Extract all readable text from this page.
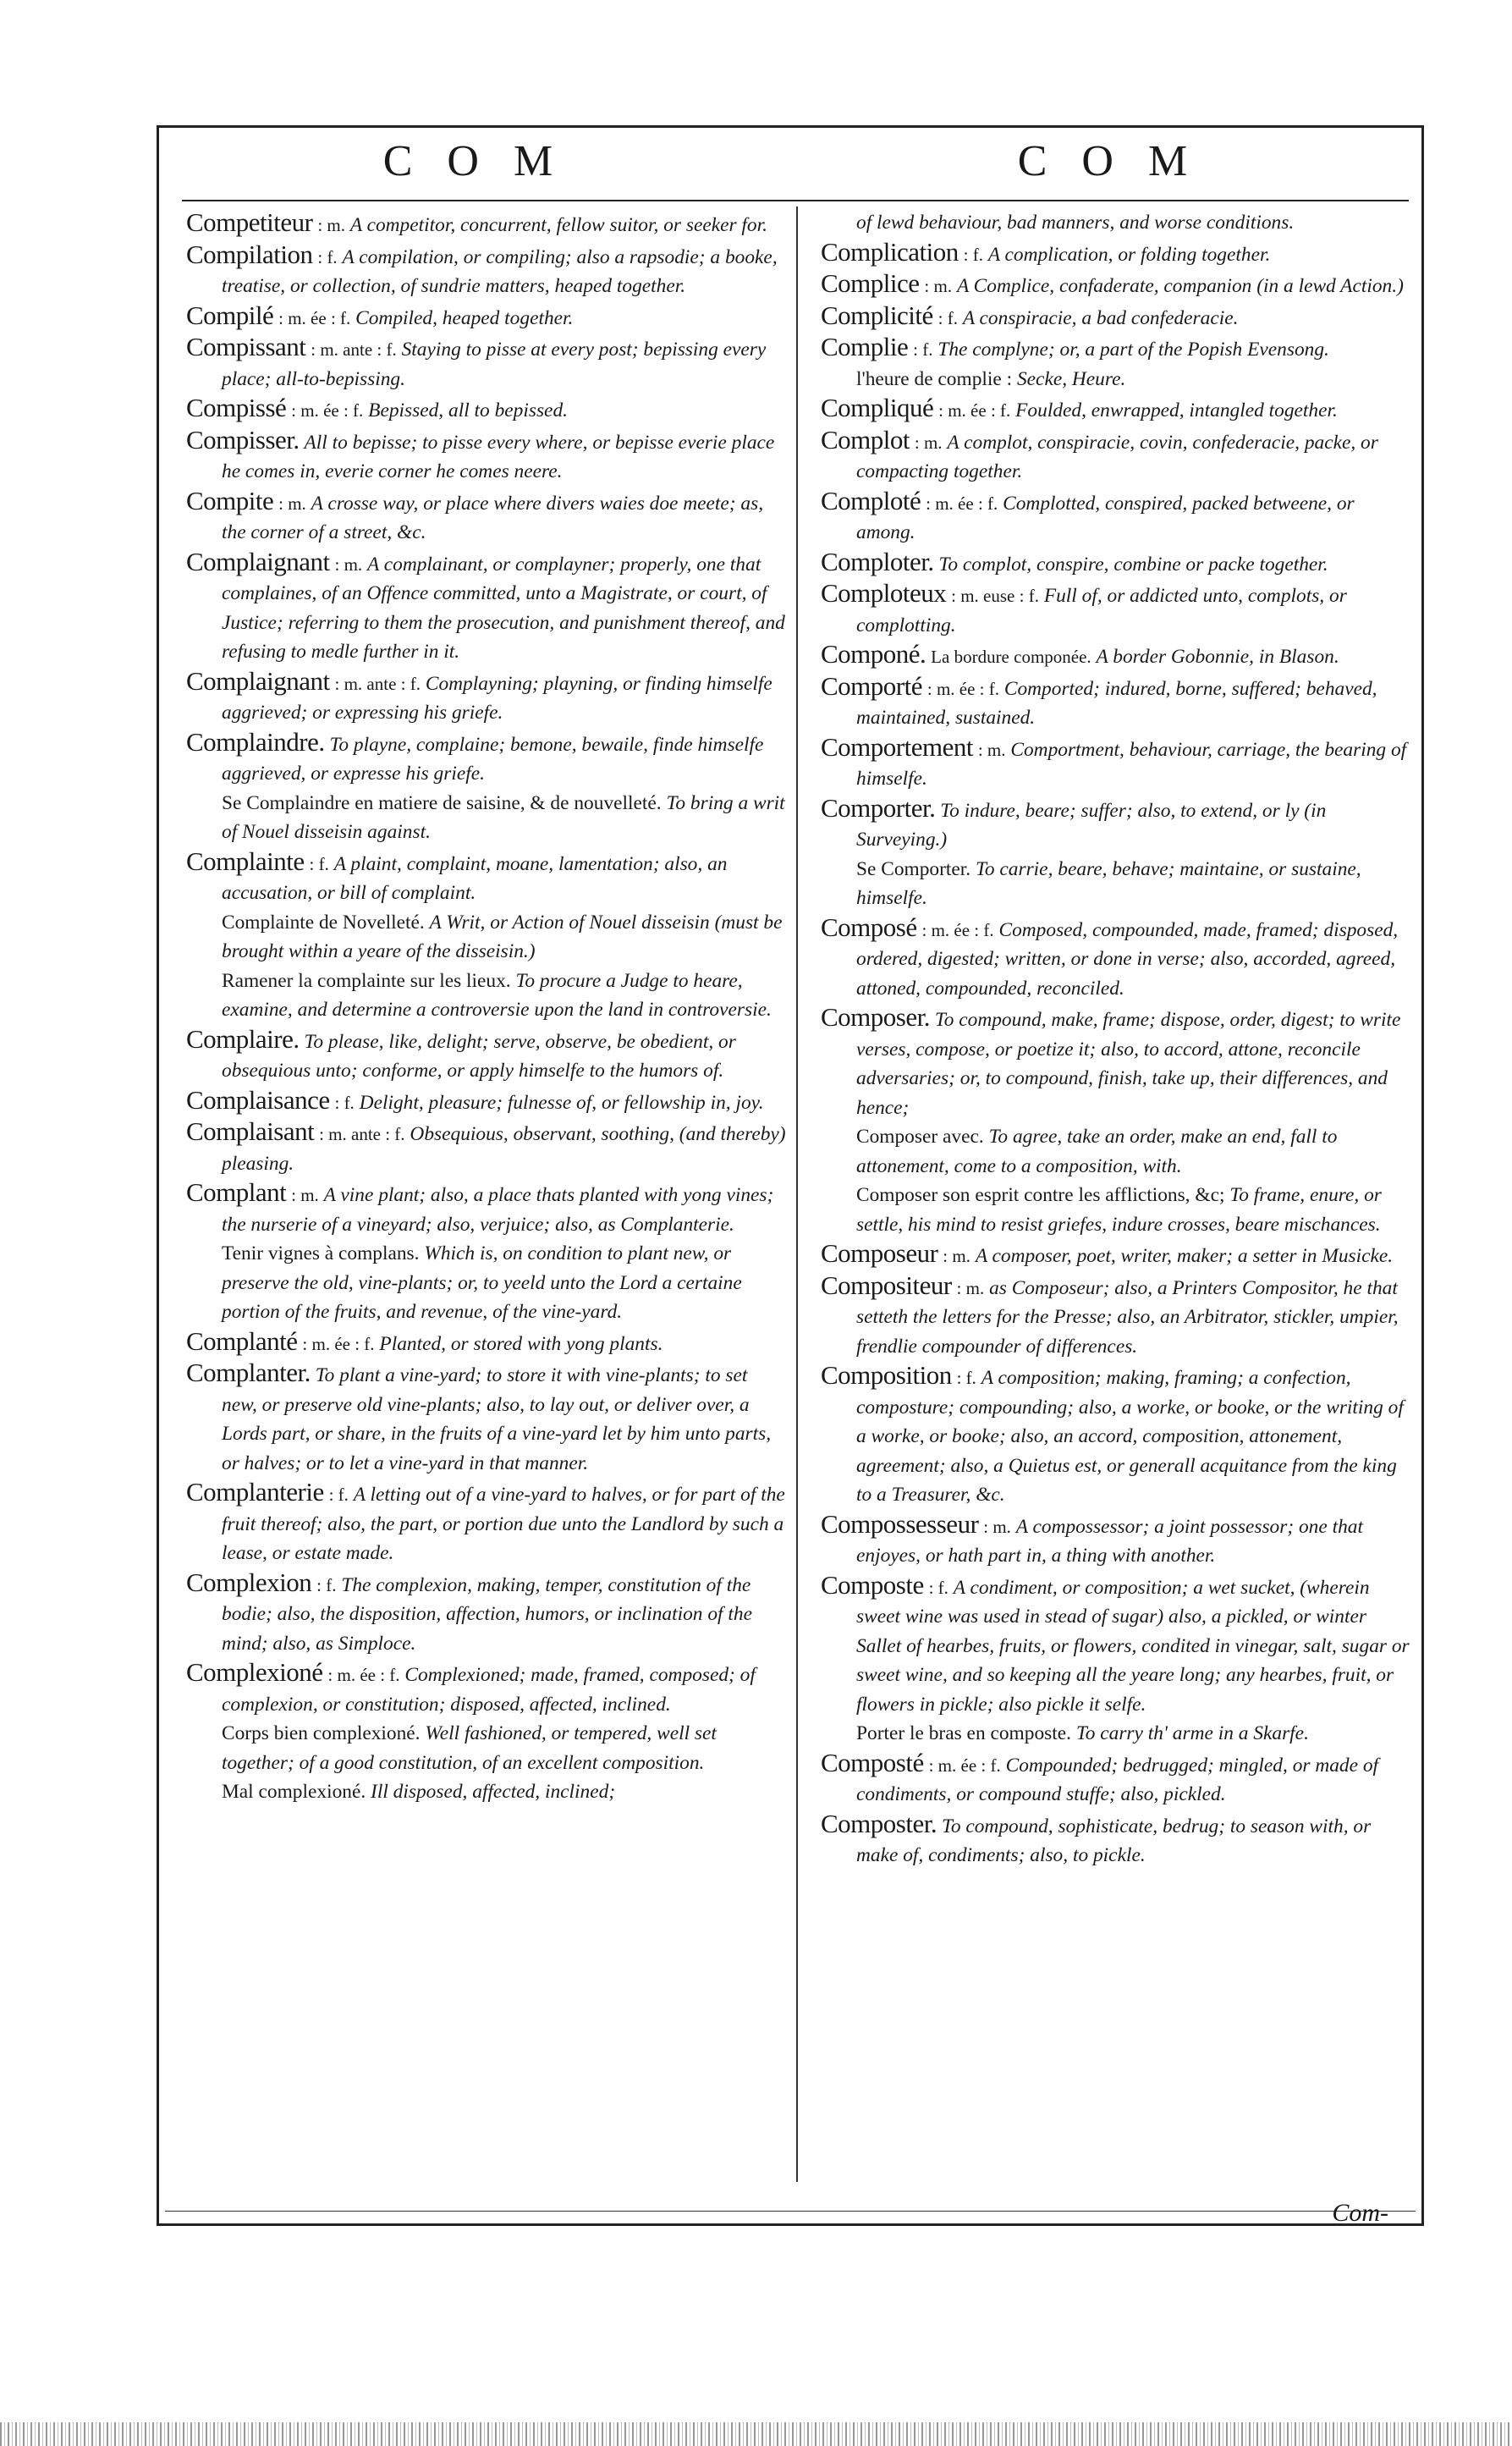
C O M	C O M

Competiteur : m. A competitor, concurrent, fellow suitor, or seeker for.

Compilation : f. A compilation, or compiling; also a rapsodie; a booke, treatise, or collection, of sundrie matters, heaped together.

Compilé : m. ée : f. Compiled, heaped together.

Compissant : m. ante : f. Staying to pisse at every post; bepissing every place; all-to-bepissing.

Compissé : m. ée : f. Bepissed, all to bepissed.

Compisser. All to bepisse; to pisse every where, or bepisse everie place he comes in, everie corner he comes neere.

Compite : m. A crosse way, or place where divers waies doe meete; as, the corner of a street, &c.

Complaignant : m. A complainant, or complayner; properly, one that complaines, of an Offence committed, unto a Magistrate, or court, of Justice; referring to them the prosecution, and punishment thereof, and refusing to medle further in it.

Complaignant : m. ante : f. Complayning; playning, or finding himselfe aggrieved; or expressing his griefe.

Complaindre. To playne, complaine; bemone, bewaile, finde himselfe aggrieved, or expresse his griefe.

Se Complaindre en matiere de saisine, & de nouvelleté. To bring a writ of Nouel disseisin against.

Complainte : f. A plaint, complaint, moane, lamentation; also, an accusation, or bill of complaint.

Complainte de Novelleté. A Writ, or Action of Nouel disseisin (must be brought within a yeare of the disseisin.)

Ramener la complainte sur les lieux. To procure a Judge to heare, examine, and determine a controversie upon the land in controversie.

Complaire. To please, like, delight; serve, observe, be obedient, or obsequious unto; conforme, or apply himselfe to the humors of.

Complaisance : f. Delight, pleasure; fulnesse of, or fellowship in, joy.

Complaisant : m. ante : f. Obsequious, observant, soothing, (and thereby) pleasing.

Complant : m. A vine plant; also, a place thats planted with yong vines; the nurserie of a vineyard; also, verjuice; also, as Complanterie.

Tenir vignes à complans. Which is, on condition to plant new, or preserve the old, vine-plants; or, to yeeld unto the Lord a certaine portion of the fruits, and revenue, of the vine-yard.

Complanté : m. ée : f. Planted, or stored with yong plants.

Complanter. To plant a vine-yard; to store it with vine-plants; to set new, or preserve old vine-plants; also, to lay out, or deliver over, a Lords part, or share, in the fruits of a vine-yard let by him unto parts, or halves; or to let a vine-yard in that manner.

Complanterie : f. A letting out of a vine-yard to halves, or for part of the fruit thereof; also, the part, or portion due unto the Landlord by such a lease, or estate made.

Complexion : f. The complexion, making, temper, constitution of the bodie; also, the disposition, affection, humors, or inclination of the mind; also, as Simploce.

Complexioné : m. ée : f. Complexioned; made, framed, composed; of complexion, or constitution; disposed, affected, inclined.

Corps bien complexioné. Well fashioned, or tempered, well set together; of a good constitution, of an excellent composition.

Mal complexioné. Ill disposed, affected, inclined;

of lewd behaviour, bad manners, and worse conditions.

Complication : f. A complication, or folding together.

Complice : m. A Complice, confaderate, companion (in a lewd Action.)

Complicité : f. A conspiracie, a bad confederacie.

Complie : f. The complyne; or, a part of the Popish Evensong.

l'heure de complie : Secke, Heure.

Compliqué : m. ée : f. Foulded, enwrapped, intangled together.

Complot : m. A complot, conspiracie, covin, confederacie, packe, or compacting together.

Comploté : m. ée : f. Complotted, conspired, packed betweene, or among.

Comploter. To complot, conspire, combine or packe together.

Comploteux : m. euse : f. Full of, or addicted unto, complots, or complotting.

Componé. La bordure componée. A border Gobonnie, in Blason.

Comporté : m. ée : f. Comported; indured, borne, suffered; behaved, maintained, sustained.

Comportement : m. Comportment, behaviour, carriage, the bearing of himselfe.

Comporter. To indure, beare; suffer; also, to extend, or ly (in Surveying.)

Se Comporter. To carrie, beare, behave; maintaine, or sustaine, himselfe.

Composé : m. ée : f. Composed, compounded, made, framed; disposed, ordered, digested; written, or done in verse; also, accorded, agreed, attoned, compounded, reconciled.

Composer. To compound, make, frame; dispose, order, digest; to write verses, compose, or poetize it; also, to accord, attone, reconcile adversaries; or, to compound, finish, take up, their differences, and hence;

Composer avec. To agree, take an order, make an end, fall to attonement, come to a composition, with.

Composer son esprit contre les afflictions, &c; To frame, enure, or settle, his mind to resist griefes, indure crosses, beare mischances.

Composeur : m. A composer, poet, writer, maker; a setter in Musicke.

Compositeur : m. as Composeur; also, a Printers Compositor, he that setteth the letters for the Presse; also, an Arbitrator, stickler, umpier, frendlie compounder of differences.

Composition : f. A composition; making, framing; a confection, composture; compounding; also, a worke, or booke, or the writing of a worke, or booke; also, an accord, composition, attonement, agreement; also, a Quietus est, or generall acquitance from the king to a Treasurer, &c.

Compossesseur : m. A compossessor; a joint possessor; one that enjoyes, or hath part in, a thing with another.

Composte : f. A condiment, or composition; a wet sucket, (wherein sweet wine was used in stead of sugar) also, a pickled, or winter Sallet of hearbes, fruits, or flowers, condited in vinegar, salt, sugar or sweet wine, and so keeping all the yeare long; any hearbes, fruit, or flowers in pickle; also pickle it selfe.

Porter le bras en composte. To carry th' arme in a Skarfe.

Composté : m. ée : f. Compounded; bedrugged; mingled, or made of condiments, or compound stuffe; also, pickled.

Composter. To compound, sophisticate, bedrug; to season with, or make of, condiments; also, to pickle.

Com-
